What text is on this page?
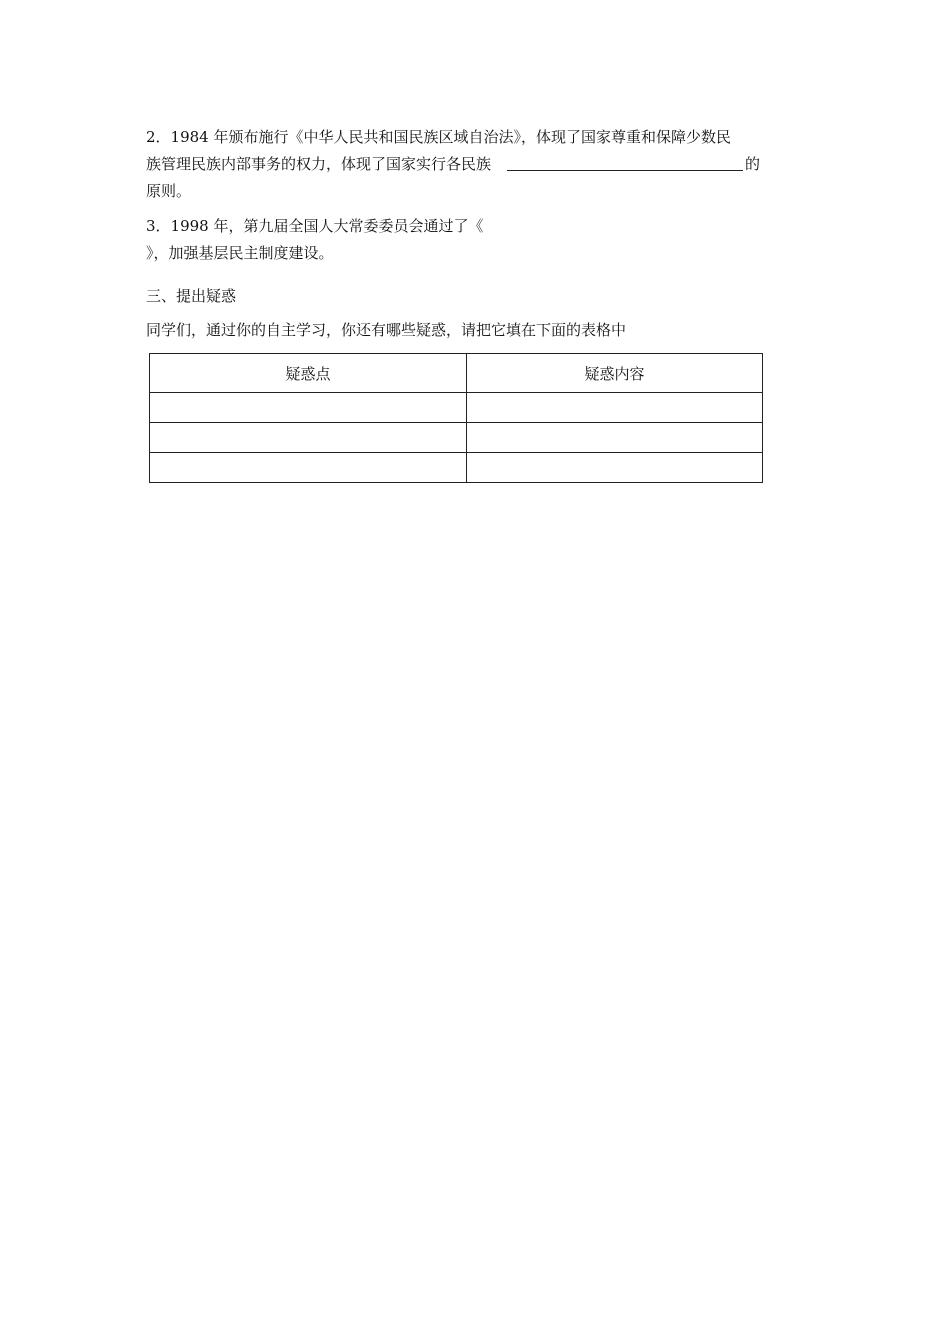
2．1984 年颁布施行《中华人民共和国民族区域自治法》，体现了国家尊重和保障少数民
族管理民族内部事务的权力，体现了国家实行各民族	的
原则。
3．1998 年，第九届全国人大常委委员会通过了《
》，加强基层民主制度建设。
三、提出疑惑
同学们，通过你的自主学习，你还有哪些疑惑，请把它填在下面的表格中
疑惑点	疑惑内容
